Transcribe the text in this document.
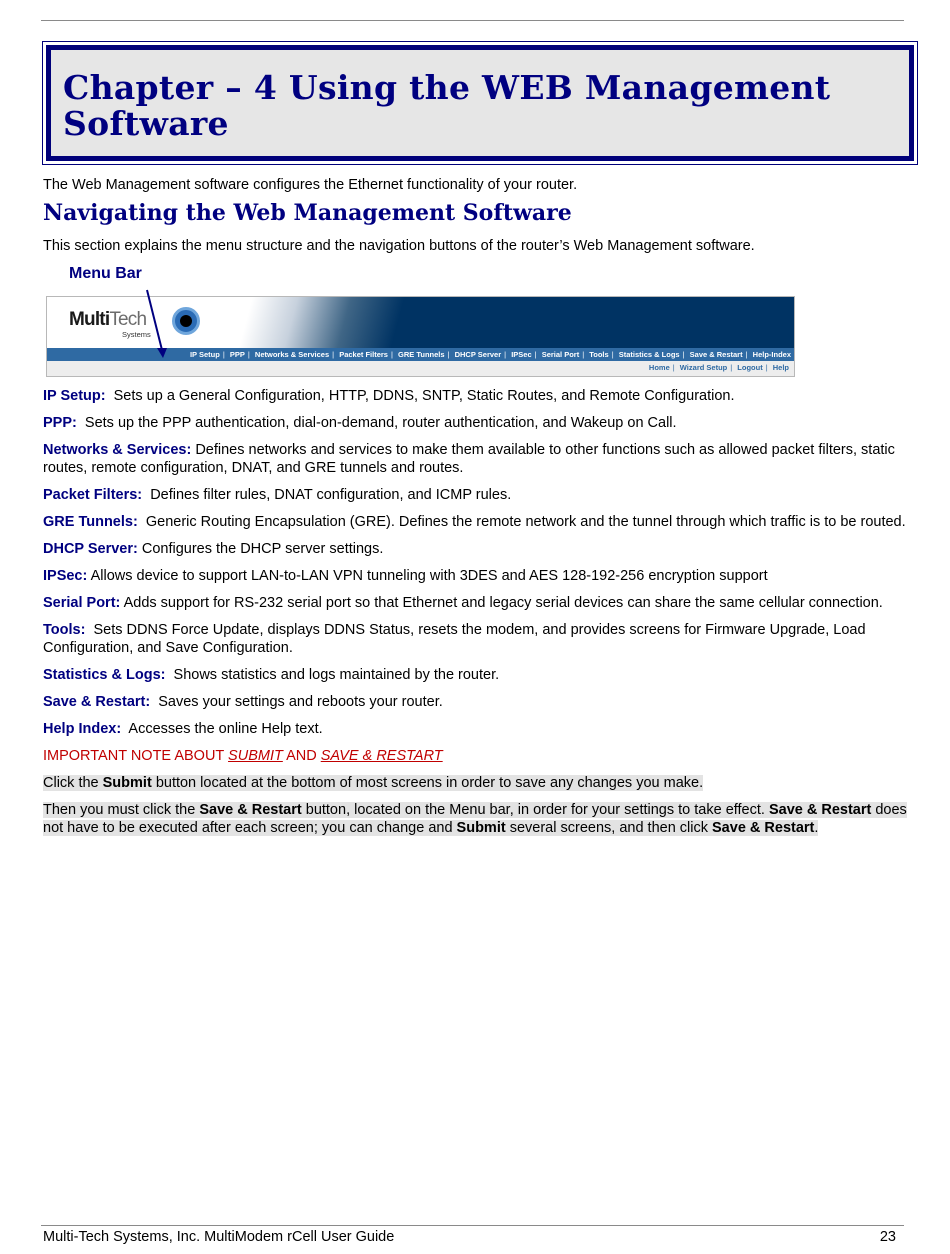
Chapter – 4 Using the WEB Management Software
The Web Management software configures the Ethernet functionality of your router.
Navigating the Web Management Software
This section explains the menu structure and the navigation buttons of the router’s Web Management software.
Menu Bar
MultiTech
Systems
IP Setup | PPP | Networks & Services | Packet Filters | GRE Tunnels | DHCP Server | IPSec | Serial Port | Tools | Statistics & Logs | Save & Restart | Help-Index
Home | Wizard Setup | Logout | Help

IP Setup: Sets up a General Configuration, HTTP, DDNS, SNTP, Static Routes, and Remote Configuration.

PPP: Sets up the PPP authentication, dial-on-demand, router authentication, and Wakeup on Call.

Networks & Services: Defines networks and services to make them available to other functions such as allowed packet filters, static routes, remote configuration, DNAT, and GRE tunnels and routes.

Packet Filters: Defines filter rules, DNAT configuration, and ICMP rules.

GRE Tunnels: Generic Routing Encapsulation (GRE). Defines the remote network and the tunnel through which traffic is to be routed.

DHCP Server: Configures the DHCP server settings.

IPSec: Allows device to support LAN-to-LAN VPN tunneling with 3DES and AES 128-192-256 encryption support

Serial Port: Adds support for RS-232 serial port so that Ethernet and legacy serial devices can share the same cellular connection.

Tools: Sets DDNS Force Update, displays DDNS Status, resets the modem, and provides screens for Firmware Upgrade, Load Configuration, and Save Configuration.

Statistics & Logs: Shows statistics and logs maintained by the router.

Save & Restart: Saves your settings and reboots your router.

Help Index: Accesses the online Help text.

IMPORTANT NOTE ABOUT SUBMIT AND SAVE & RESTART

Click the Submit button located at the bottom of most screens in order to save any changes you make.

Then you must click the Save & Restart button, located on the Menu bar, in order for your settings to take effect. Save & Restart does not have to be executed after each screen; you can change and Submit several screens, and then click Save & Restart.

Multi-Tech Systems, Inc. MultiModem rCell User Guide	23
